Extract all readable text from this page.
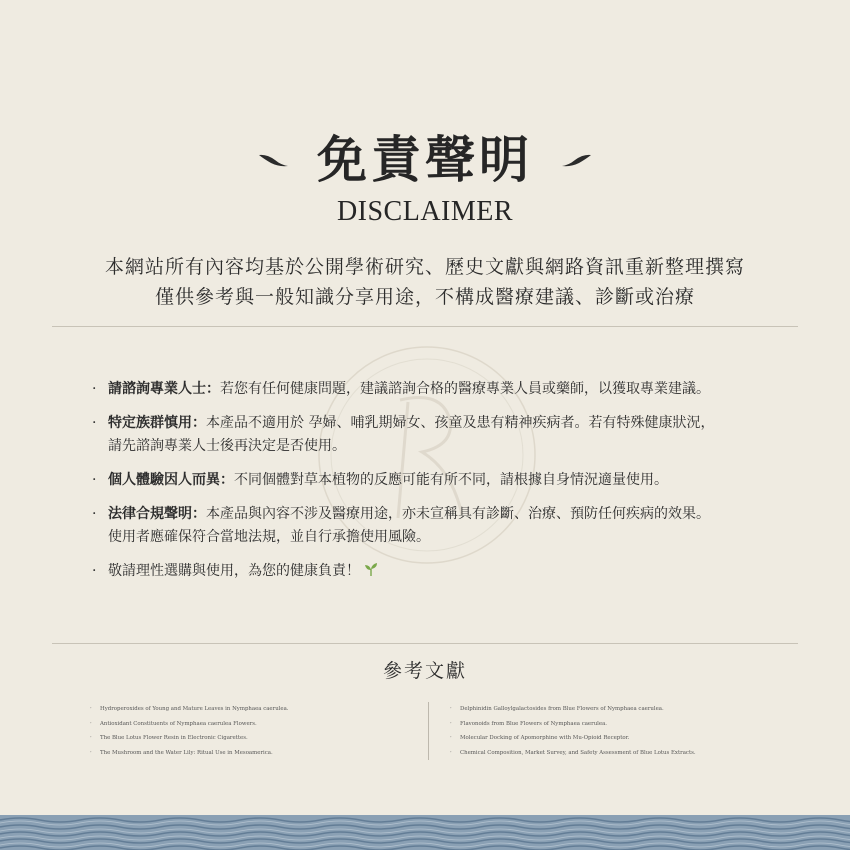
免責聲明
DISCLAIMER
本網站所有內容均基於公開學術研究、歷史文獻與網路資訊重新整理撰寫
僅供參考與一般知識分享用途，不構成醫療建議、診斷或治療
· 請諮詢專業人士：若您有任何健康問題，建議諮詢合格的醫療專業人員或藥師，以獲取專業建議。
· 特定族群慎用：本產品不適用於 孕婦、哺乳期婦女、孩童及患有精神疾病者。若有特殊健康狀況，
請先諮詢專業人士後再決定是否使用。
· 個人體驗因人而異：不同個體對草本植物的反應可能有所不同，請根據自身情況適量使用。
· 法律合規聲明：本產品與內容不涉及醫療用途，亦未宣稱具有診斷、治療、預防任何疾病的效果。
使用者應確保符合當地法規，並自行承擔使用風險。
· 敬請理性選購與使用，為您的健康負責！
參考文獻
· Hydroperoxides of Young and Mature Leaves in Nymphaea caerulea.
· Antioxidant Constituents of Nymphaea caerulea Flowers.
· The Blue Lotus Flower Resin in Electronic Cigarettes.
· The Mushroom and the Water Lily: Ritual Use in Mesoamerica.
· Delphinidin Galloylgalactosides from Blue Flowers of Nymphaea caerulea.
· Flavonoids from Blue Flowers of Nymphaea caerulea.
· Molecular Docking of Apomorphine with Mu-Opioid Receptor.
· Chemical Composition, Market Survey, and Safety Assessment of Blue Lotus Extracts.
